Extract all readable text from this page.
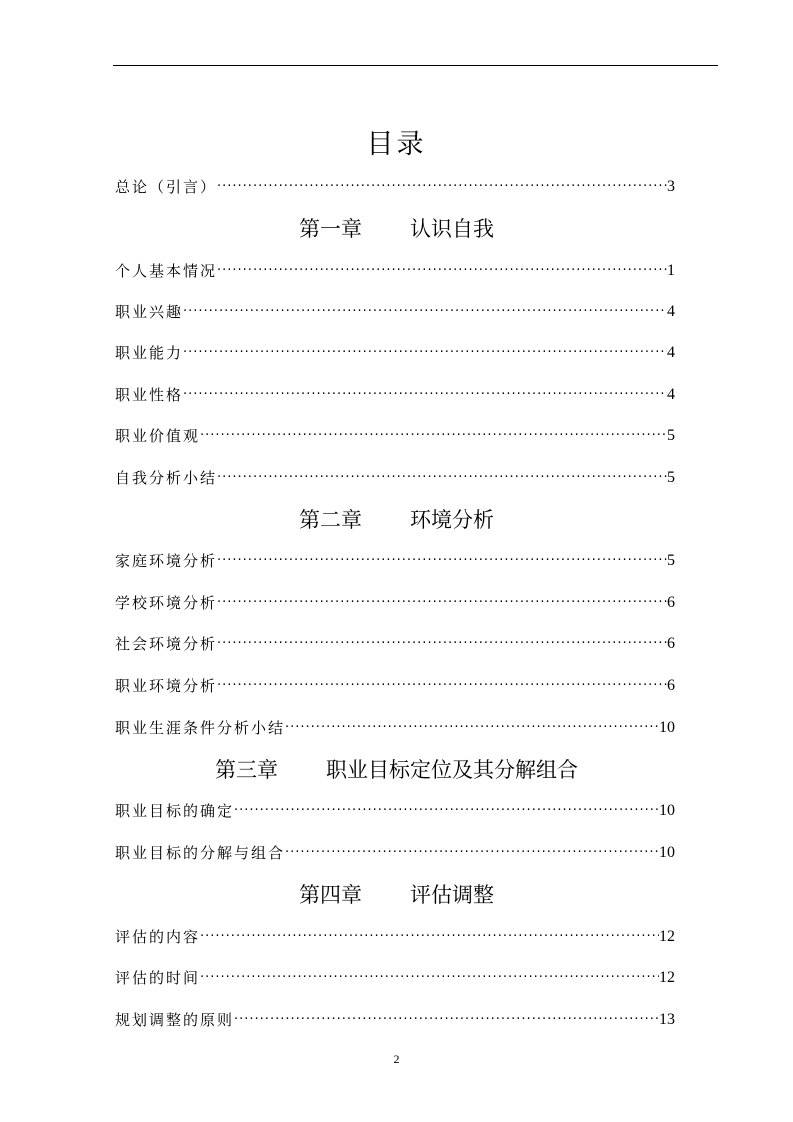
目录
总论（引言） ·····	3
第一章 认识自我
个人基本情况 ·····	1
职业兴趣 ·····	4
职业能力 ·····	4
职业性格 ·····	4
职业价值观 ·····	5
自我分析小结 ·····	5
第二章 环境分析
家庭环境分析 ·····	5
学校环境分析 ·····	6
社会环境分析 ·····	6
职业环境分析 ·····	6
职业生涯条件分析小结 ·····	10
第三章 职业目标定位及其分解组合
职业目标的确定 ·····	10
职业目标的分解与组合 ·····	10
第四章 评估调整
评估的内容 ·····	12
评估的时间 ·····	12
规划调整的原则 ·····	13
2
